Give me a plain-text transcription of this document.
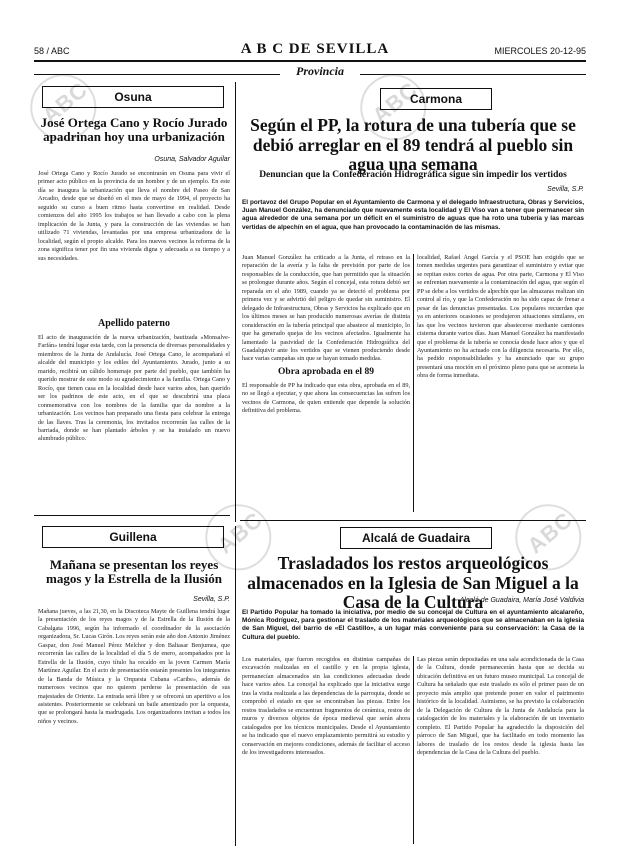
58 / ABC	A B C DE SEVILLA	MIERCOLES 20-12-95
Provincia
Osuna
José Ortega Cano y Rocío Jurado apadrinan hoy una urbanización
Osuna, Salvador Aguilar
José Ortega Cano y Rocío Jurado se encontrarán en Osuna para vivir el primer acto público en la provincia de un hombre y de un ejemplo. En este día se inaugura la urbanización que lleva el nombre del Paseo de San Arcadio, desde que se diseñó en el mes de mayo de 1994, el proyecto ha seguido su curso a buen ritmo hasta convertirse en realidad. Desde comienzos del año 1995 los trabajos se han llevado a cabo con la plena implicación de la Junta, y para la construcción de las viviendas se han utilizado 71 viviendas, levantadas por una empresa urbanizadora de la localidad, según el propio alcalde. Para los nuevos vecinos la reforma de la zona significa tener por fin una vivienda digna y adecuada a su tiempo y a sus necesidades.
Apellido paterno
El acto de inauguración de la nueva urbanización, bautizada «Monsalve-Farfán» tendrá lugar esta tarde, con la presencia de diversas personalidades y miembros de la Junta de Andalucía. José Ortega Cano, le acompañará el alcalde del municipio y los ediles del Ayuntamiento. Jurado, junto a su marido, recibirá un cálido homenaje por parte del pueblo, que también ha querido mostrar de este modo su agradecimiento a la familia. Ortega Cano y Rocío, que tienen casa en la localidad desde hace varios años, han querido ser los padrinos de este acto, en el que se descubrirá una placa conmemorativa con los nombres de la familia que da nombre a la urbanización. Los vecinos han preparado una fiesta para celebrar la entrega de las llaves. Tras la ceremonia, los invitados recorrerán las calles de la barriada, donde se han plantado árboles y se ha instalado un nuevo alumbrado público.
Guillena
Mañana se presentan los reyes magos y la Estrella de la Ilusión
Sevilla, S.P.
Mañana jueves, a las 21,30, en la Discoteca Mayte de Guillena tendrá lugar la presentación de los reyes magos y de la Estrella de la Ilusión de la Cabalgata 1996, según ha informado el coordinador de la asociación organizadora, Sr. Lucas Girón. Los reyes serán este año don Antonio Jiménez Gaspar, don José Manuel Pérez Melchor y don Baltasar Benjumea, que recorrerán las calles de la localidad el día 5 de enero, acompañados por la Estrella de la Ilusión, cuyo título ha recaído en la joven Carmen María Martínez Aguilar. En el acto de presentación estarán presentes los integrantes de la Banda de Música y la Orquesta Cubana «Caribe», además de numerosos vecinos que no quieren perderse la presentación de sus majestades de Oriente. La entrada será libre y se ofrecerá un aperitivo a los asistentes. Posteriormente se celebrará un baile amenizado por la orquesta, que se prolongará hasta la madrugada. Los organizadores invitan a todos los niños y vecinos.
Carmona
Según el PP, la rotura de una tubería que se debió arreglar en el 89 tendrá al pueblo sin agua una semana
Denuncian que la Confederación Hidrográfica sigue sin impedir los vertidos
Sevilla, S.P.
El portavoz del Grupo Popular en el Ayuntamiento de Carmona y el delegado Infraestructura, Obras y Servicios, Juan Manuel González, ha denunciado que nuevamente esta localidad y El Viso van a tener que permanecer sin agua alrededor de una semana por un déficit en el suministro de aguas que ha roto una tubería y las marcas vertidas de alpechín en el agua, que han provocado la contaminación de las mismas.
Juan Manuel González ha criticado a la Junta, el retraso en la reparación de la avería y la falta de previsión por parte de los responsables de la conducción, que han permitido que la situación se prolongue durante años. Según el concejal, esta rotura debió ser reparada en el año 1989, cuando ya se detectó el problema por primera vez y se advirtió del peligro de quedar sin suministro. El delegado de Infraestructura, Obras y Servicios ha explicado que en los últimos meses se han producido numerosas averías de distinta consideración en la tubería principal que abastece al municipio, lo que ha generado quejas de los vecinos afectados. Igualmente ha lamentado la pasividad de la Confederación Hidrográfica del Guadalquivir ante los vertidos que se vienen produciendo desde hace varias campañas sin que se hayan tomado medidas.
Obra aprobada en el 89
El responsable de PP ha indicado que esta obra, aprobada en el 89, no se llegó a ejecutar, y que ahora las consecuencias las sufren los vecinos de Carmona, de quien entiende que depende la solución definitiva del problema.
localidad, Rafael Ángel García y el PSOE han exigido que se tomen medidas urgentes para garantizar el suministro y evitar que se repitan estos cortes de agua. Por otra parte, Carmona y El Viso se enfrentan nuevamente a la contaminación del agua, que según el PP se debe a los vertidos de alpechín que las almazaras realizan sin control al río, y que la Confederación no ha sido capaz de frenar a pesar de las denuncias presentadas. Los populares recuerdan que ya en anteriores ocasiones se produjeron situaciones similares, en las que los vecinos tuvieron que abastecerse mediante camiones cisterna durante varios días. Juan Manuel González ha manifestado que el problema de la tubería se conocía desde hace años y que el Ayuntamiento no ha actuado con la diligencia necesaria. Por ello, ha pedido responsabilidades y ha anunciado que su grupo presentará una moción en el próximo pleno para que se acometa la obra de forma inmediata.
Alcalá de Guadaira
Trasladados los restos arqueológicos almacenados en la Iglesia de San Miguel a la Casa de la Cultura
Alcalá de Guadaira, María José Valdivia
El Partido Popular ha tomado la iniciativa, por medio de su concejal de Cultura en el ayuntamiento alcalareño, Mónica Rodríguez, para gestionar el traslado de los materiales arqueológicos que se almacenaban en la iglesia de San Miguel, del barrio de «El Castillo», a un lugar más conveniente para su conservación: la Casa de la Cultura del pueblo.
Los materiales, que fueron recogidos en distintas campañas de excavación realizadas en el castillo y en la propia iglesia, permanecían almacenados sin las condiciones adecuadas desde hace varios años. La concejal ha explicado que la iniciativa surge tras la visita realizada a las dependencias de la parroquia, donde se comprobó el estado en que se encontraban las piezas. Entre los restos trasladados se encuentran fragmentos de cerámica, restos de muros y diversos objetos de época medieval que serán ahora catalogados por los técnicos municipales. Desde el Ayuntamiento se ha indicado que el nuevo emplazamiento permitirá su estudio y conservación en mejores condiciones, además de facilitar el acceso de los investigadores interesados.
Las piezas serán depositadas en una sala acondicionada de la Casa de la Cultura, donde permanecerán hasta que se decida su ubicación definitiva en un futuro museo municipal. La concejal de Cultura ha señalado que este traslado es sólo el primer paso de un proyecto más amplio que pretende poner en valor el patrimonio histórico de la localidad. Asimismo, se ha previsto la colaboración de la Delegación de Cultura de la Junta de Andalucía para la catalogación de los materiales y la elaboración de un inventario completo. El Partido Popular ha agradecido la disposición del párroco de San Miguel, que ha facilitado en todo momento las labores de traslado de los restos desde la iglesia hasta las dependencias de la Casa de la Cultura del pueblo.
ABC	ABC
ABC	ABC
